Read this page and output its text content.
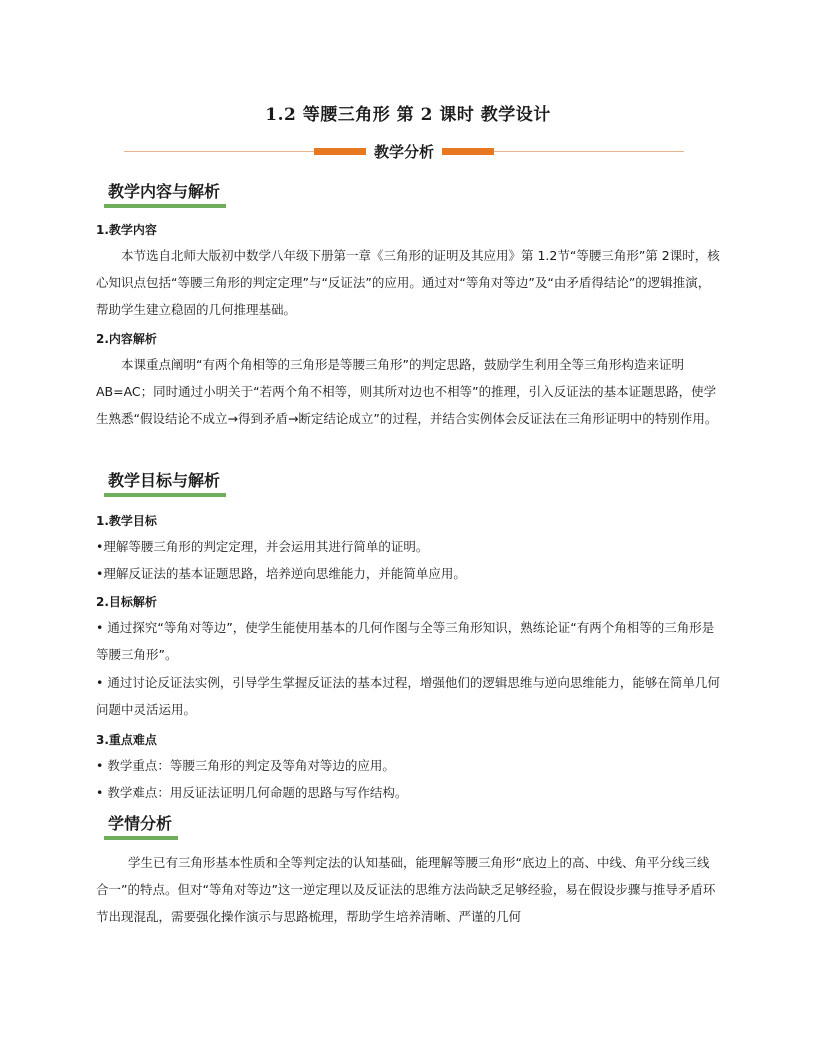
1.2 等腰三角形 第 2 课时 教学设计
教学分析
教学内容与解析
1.教学内容

本节选自北师大版初中数学八年级下册第一章《三角形的证明及其应用》第 1.2节“等腰三角形”第 2课时，核心知识点包括“等腰三角形的判定定理”与“反证法”的应用。通过对“等角对等边”及“由矛盾得结论”的逻辑推演，帮助学生建立稳固的几何推理基础。

2.内容解析

本课重点阐明“有两个角相等的三角形是等腰三角形”的判定思路，鼓励学生利用全等三角形构造来证明 AB=AC；同时通过小明关于“若两个角不相等，则其所对边也不相等”的推理，引入反证法的基本证题思路，使学生熟悉“假设结论不成立→得到矛盾→断定结论成立”的过程，并结合实例体会反证法在三角形证明中的特别作用。

教学目标与解析
1.教学目标
•理解等腰三角形的判定定理，并会运用其进行简单的证明。
•理解反证法的基本证题思路，培养逆向思维能力，并能简单应用。
2.目标解析
• 通过探究“等角对等边”，使学生能使用基本的几何作图与全等三角形知识，熟练论证“有两个角相等的三角形是等腰三角形”。
• 通过讨论反证法实例，引导学生掌握反证法的基本过程，增强他们的逻辑思维与逆向思维能力，能够在简单几何问题中灵活运用。
3.重点难点
• 教学重点：等腰三角形的判定及等角对等边的应用。
• 教学难点：用反证法证明几何命题的思路与写作结构。
学情分析

学生已有三角形基本性质和全等判定法的认知基础，能理解等腰三角形“底边上的高、中线、角平分线三线合一”的特点。但对“等角对等边”这一逆定理以及反证法的思维方法尚缺乏足够经验，易在假设步骤与推导矛盾环节出现混乱，需要强化操作演示与思路梳理，帮助学生培养清晰、严谨的几何
